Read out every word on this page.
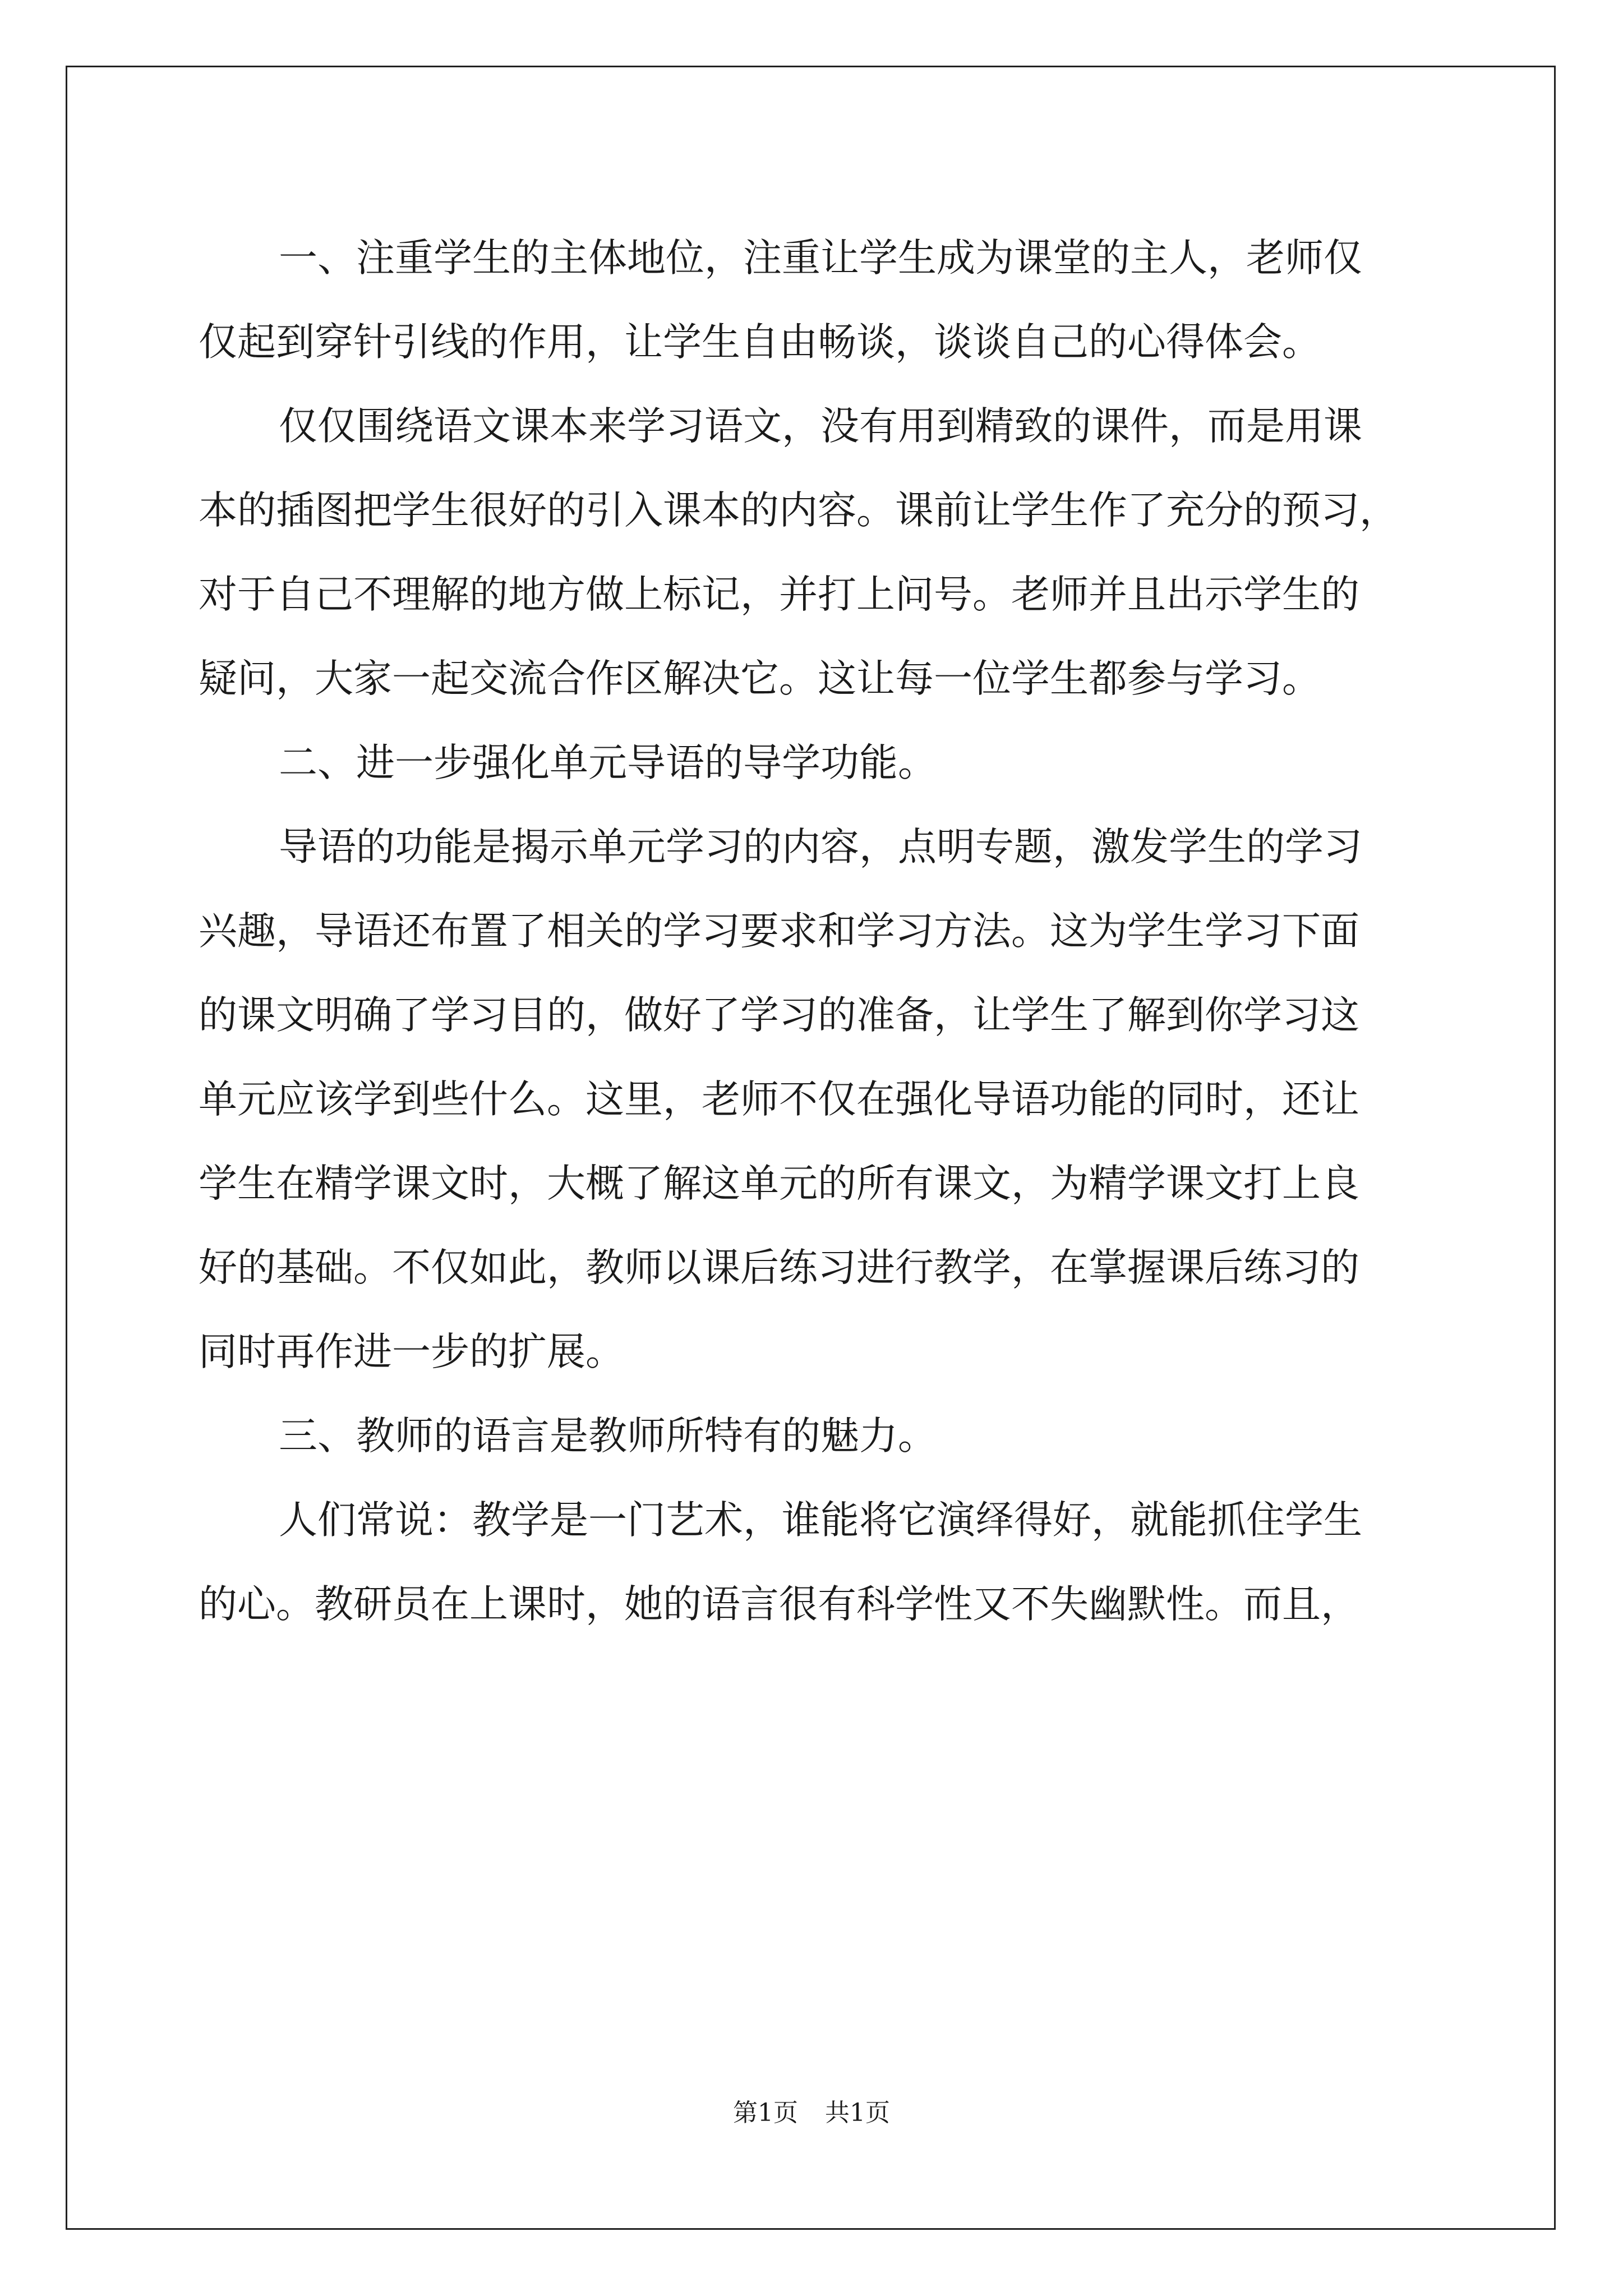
一、注重学生的主体地位，注重让学生成为课堂的主人，老师仅
仅起到穿针引线的作用，让学生自由畅谈，谈谈自己的心得体会。
仅仅围绕语文课本来学习语文，没有用到精致的课件，而是用课
本的插图把学生很好的引入课本的内容。课前让学生作了充分的预习，
对于自己不理解的地方做上标记，并打上问号。老师并且出示学生的
疑问，大家一起交流合作区解决它。这让每一位学生都参与学习。
二、进一步强化单元导语的导学功能。
导语的功能是揭示单元学习的内容，点明专题，激发学生的学习
兴趣，导语还布置了相关的学习要求和学习方法。这为学生学习下面
的课文明确了学习目的，做好了学习的准备，让学生了解到你学习这
单元应该学到些什么。这里，老师不仅在强化导语功能的同时，还让
学生在精学课文时，大概了解这单元的所有课文，为精学课文打上良
好的基础。不仅如此，教师以课后练习进行教学，在掌握课后练习的
同时再作进一步的扩展。
三、教师的语言是教师所特有的魅力。
人们常说：教学是一门艺术，谁能将它演绎得好，就能抓住学生
的心。教研员在上课时，她的语言很有科学性又不失幽默性。而且，
第1页 共1页
